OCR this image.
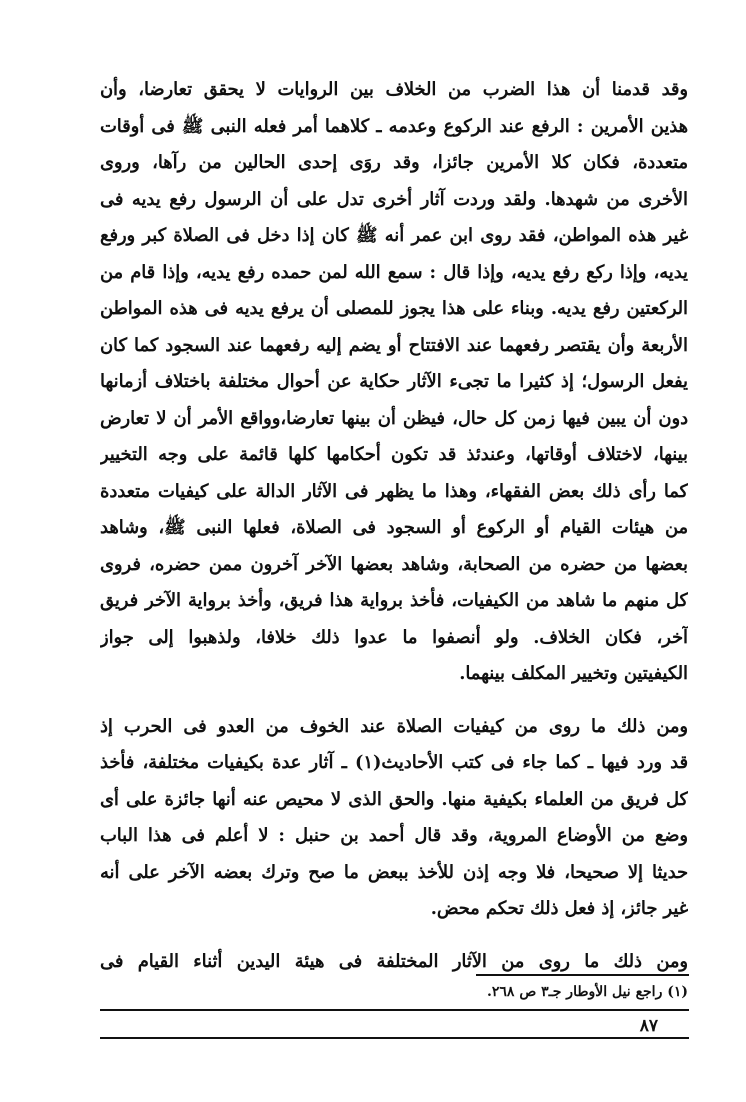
وقد قدمنا أن هذا الضرب من الخلاف بين الروايات لا يحقق تعارضا، وأن
هذين الأمرين : الرفع عند الركوع وعدمه ـ كلاهما أمر فعله النبى ﷺ فى أوقات
متعددة، فكان كلا الأمرين جائزا، وقد روَى إحدى الحالين من رآها، وروى
الأخرى من شهدها. ولقد وردت آثار أخرى تدل على أن الرسول رفع يديه فى
غير هذه المواطن، فقد روى ابن عمر أنه ﷺ كان إذا دخل فى الصلاة كبر ورفع
يديه، وإذا ركع رفع يديه، وإذا قال : سمع الله لمن حمده رفع يديه، وإذا قام من
الركعتين رفع يديه. وبناء على هذا يجوز للمصلى أن يرفع يديه فى هذه المواطن
الأربعة وأن يقتصر رفعهما عند الافتتاح أو يضم إليه رفعهما عند السجود كما كان
يفعل الرسول؛ إذ كثيرا ما تجىء الآثار حكاية عن أحوال مختلفة باختلاف أزمانها
دون أن يبين فيها زمن كل حال، فيظن أن بينها تعارضا،وواقع الأمر أن لا تعارض
بينها، لاختلاف أوقاتها، وعندئذ قد تكون أحكامها كلها قائمة على وجه التخيير
كما رأى ذلك بعض الفقهاء، وهذا ما يظهر فى الآثار الدالة على كيفيات متعددة
من هيئات القيام أو الركوع أو السجود فى الصلاة، فعلها النبى ﷺ، وشاهد
بعضها من حضره من الصحابة، وشاهد بعضها الآخر آخرون ممن حضره، فروى
كل منهم ما شاهد من الكيفيات، فأخذ برواية هذا فريق، وأخذ برواية الآخر فريق
آخر، فكان الخلاف. ولو أنصفوا ما عدوا ذلك خلافا، ولذهبوا إلى جواز
الكيفيتين وتخيير المكلف بينهما.
ومن ذلك ما روى من كيفيات الصلاة عند الخوف من العدو فى الحرب إذ
قد ورد فيها ـ كما جاء فى كتب الأحاديث(١) ـ آثار عدة بكيفيات مختلفة، فأخذ
كل فريق من العلماء بكيفية منها. والحق الذى لا محيص عنه أنها جائزة على أى
وضع من الأوضاع المروية، وقد قال أحمد بن حنبل : لا أعلم فى هذا الباب
حديثا إلا صحيحا، فلا وجه إذن للأخذ ببعض ما صح وترك بعضه الآخر على أنه
غير جائز، إذ فعل ذلك تحكم محض.
ومن ذلك ما روى من الآثار المختلفة فى هيئة اليدين أثناء القيام فى
(١) راجع نيل الأوطار جـ٣ ص ٢٦٨.
٨٧
